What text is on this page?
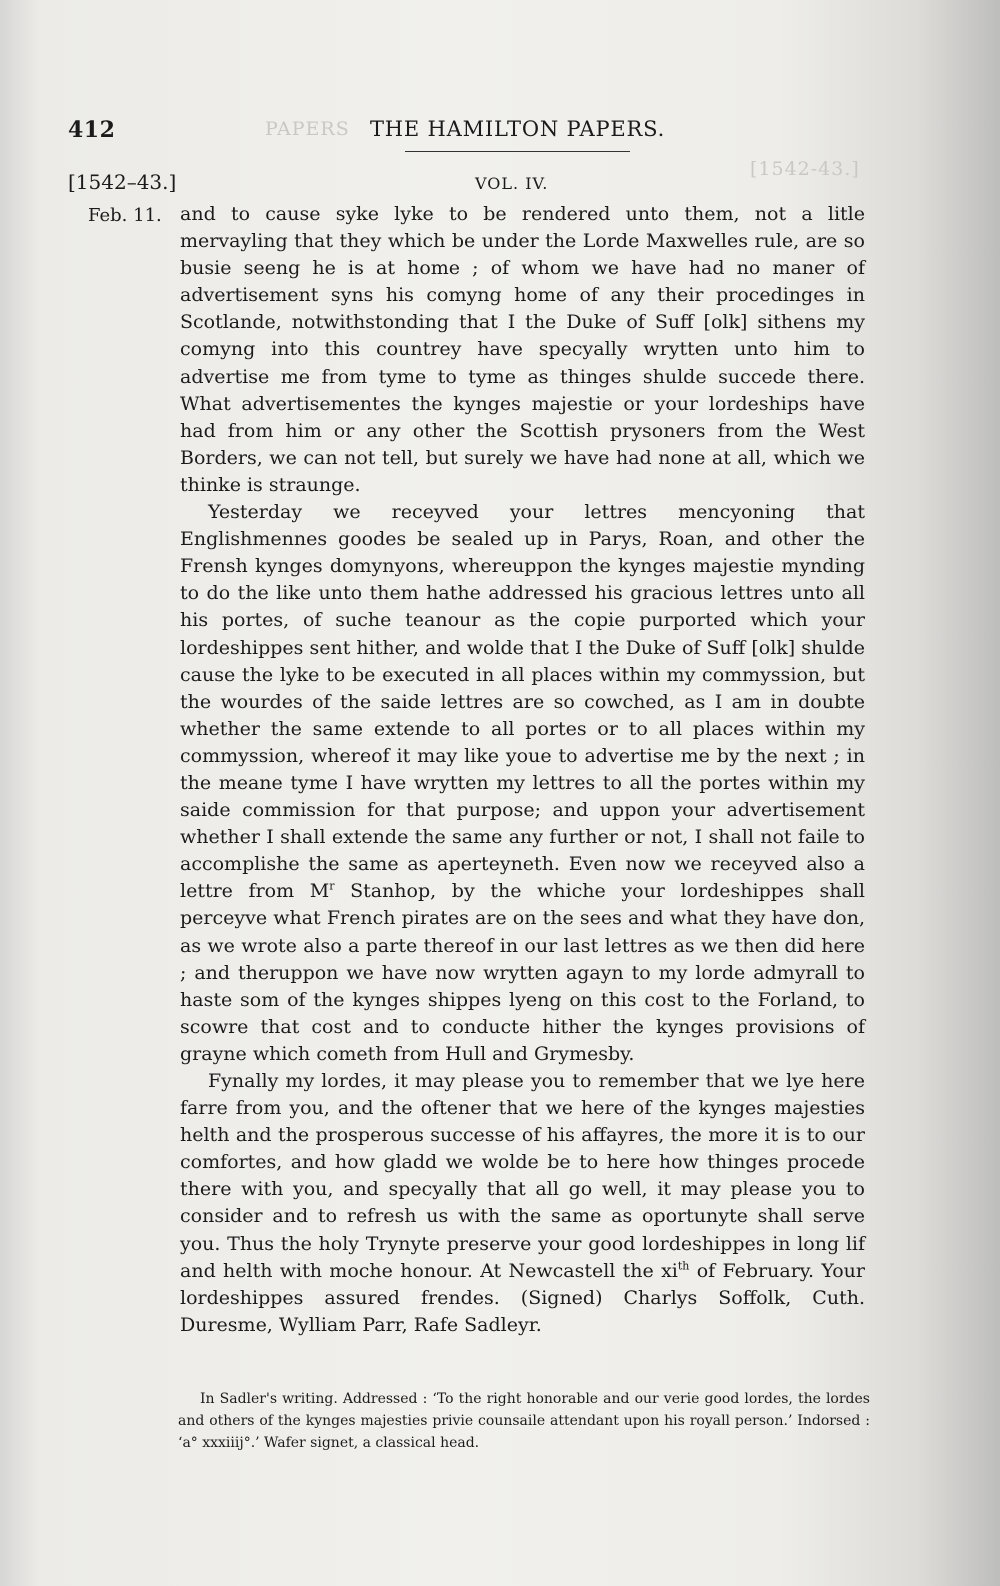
PAPERS
[1542-43.]
412	THE HAMILTON PAPERS.
[1542–43.]	VOL. IV.
Feb. 11. and to cause syke lyke to be rendered unto them, not a litle mervayling that they which be under the Lorde Maxwelles rule, are so busie seeng he is at home ; of whom we have had no maner of advertisement syns his comyng home of any their procedinges in Scotlande, notwithstonding that I the Duke of Suff [olk] sithens my comyng into this countrey have specyally wrytten unto him to advertise me from tyme to tyme as thinges shulde succede there. What advertisementes the kynges majestie or your lordeships have had from him or any other the Scottish prysoners from the West Borders, we can not tell, but surely we have had none at all, which we thinke is straunge.

Yesterday we receyved your lettres mencyoning that Englishmennes goodes be sealed up in Parys, Roan, and other the Frensh kynges domynyons, whereuppon the kynges majestie mynding to do the like unto them hathe addressed his gracious lettres unto all his portes, of suche teanour as the copie purported which your lordeshippes sent hither, and wolde that I the Duke of Suff [olk] shulde cause the lyke to be executed in all places within my commyssion, but the wourdes of the saide lettres are so cowched, as I am in doubte whether the same extende to all portes or to all places within my commyssion, whereof it may like youe to advertise me by the next ; in the meane tyme I have wrytten my lettres to all the portes within my saide commission for that purpose; and uppon your advertisement whether I shall extende the same any further or not, I shall not faile to accomplishe the same as aperteyneth. Even now we receyved also a lettre from $M^r$ Stanhop, by the whiche your lordeshippes shall perceyve what French pirates are on the sees and what they have don, as we wrote also a parte thereof in our last lettres as we then did here ; and theruppon we have now wrytten agayn to my lorde admyrall to haste som of the kynges shippes lyeng on this cost to the Forland, to scowre that cost and to conducte hither the kynges provisions of grayne which cometh from Hull and Grymesby.

Fynally my lordes, it may please you to remember that we lye here farre from you, and the oftener that we here of the kynges majesties helth and the prosperous successe of his affayres, the more it is to our comfortes, and how gladd we wolde be to here how thinges procede there with you, and specyally that all go well, it may please you to consider and to refresh us with the same as oportunyte shall serve you. Thus the holy Trynyte preserve your good lordeshippes in long lif and helth with moche honour. At Newcastell the $xi^{th}$ of February. Your lordeshippes assured frendes. (Signed) Charlys Soffolk, Cuth. Duresme, Wylliam Parr, Rafe Sadleyr.

In Sadler's writing. Addressed : ‘To the right honorable and our verie good lordes, the lordes and others of the kynges majesties privie counsaile attendant upon his royall person.’ Indorsed : ‘a° xxxiiij°.’ Wafer signet, a classical head.
